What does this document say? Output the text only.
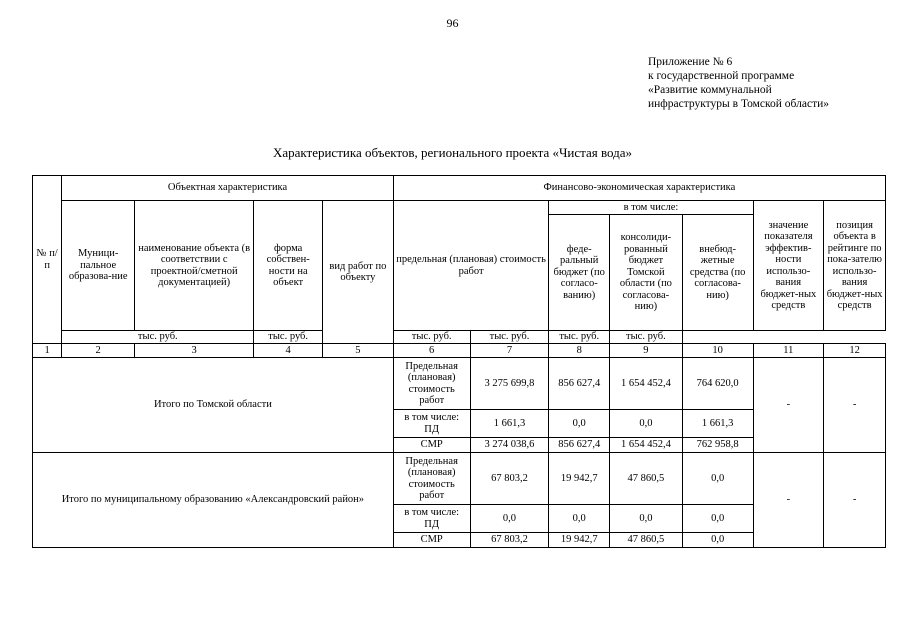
96
Приложение № 6
к государственной программе
«Развитие коммунальной
инфраструктуры в Томской области»
Характеристика объектов, регионального проекта «Чистая вода»
№ п/п	Объектная характеристика				Финансово-экономическая характеристика						
	Муници-пальное образова-ние	наименование объекта (в соответствии с проектной/сметной документацией)	форма собствен-ности на объект	вид работ по объекту	предельная (плановая) стоимость работ		в том числе:			значение показателя эффектив-ности использо-вания бюджет-ных средств	позиция объекта в рейтинге по пока-зателю использо-вания бюджет-ных средств
							феде-ральный бюджет (по согласо-ванию)	консолиди-рованный бюджет Томской области (по согласова-нию)	внебюд-жетные средства (по согласова-нию)		
	тыс. руб.		тыс. руб.		тыс. руб.	тыс. руб.	тыс. руб.	тыс. руб.			
1	2	3	4	5	6	7	8	9	10	11	12
Итого по Томской области					Предельная (плановая) стоимость работ	3 275 699,8	856 627,4	1 654 452,4	764 620,0	-	-
					в том числе: ПД	1 661,3	0,0	0,0	1 661,3		
					СМР	3 274 038,6	856 627,4	1 654 452,4	762 958,8		
Итого по муниципальному образованию «Александровский район»					Предельная (плановая) стоимость работ	67 803,2	19 942,7	47 860,5	0,0	-	-
					в том числе: ПД	0,0	0,0	0,0	0,0		
					СМР	67 803,2	19 942,7	47 860,5	0,0		
